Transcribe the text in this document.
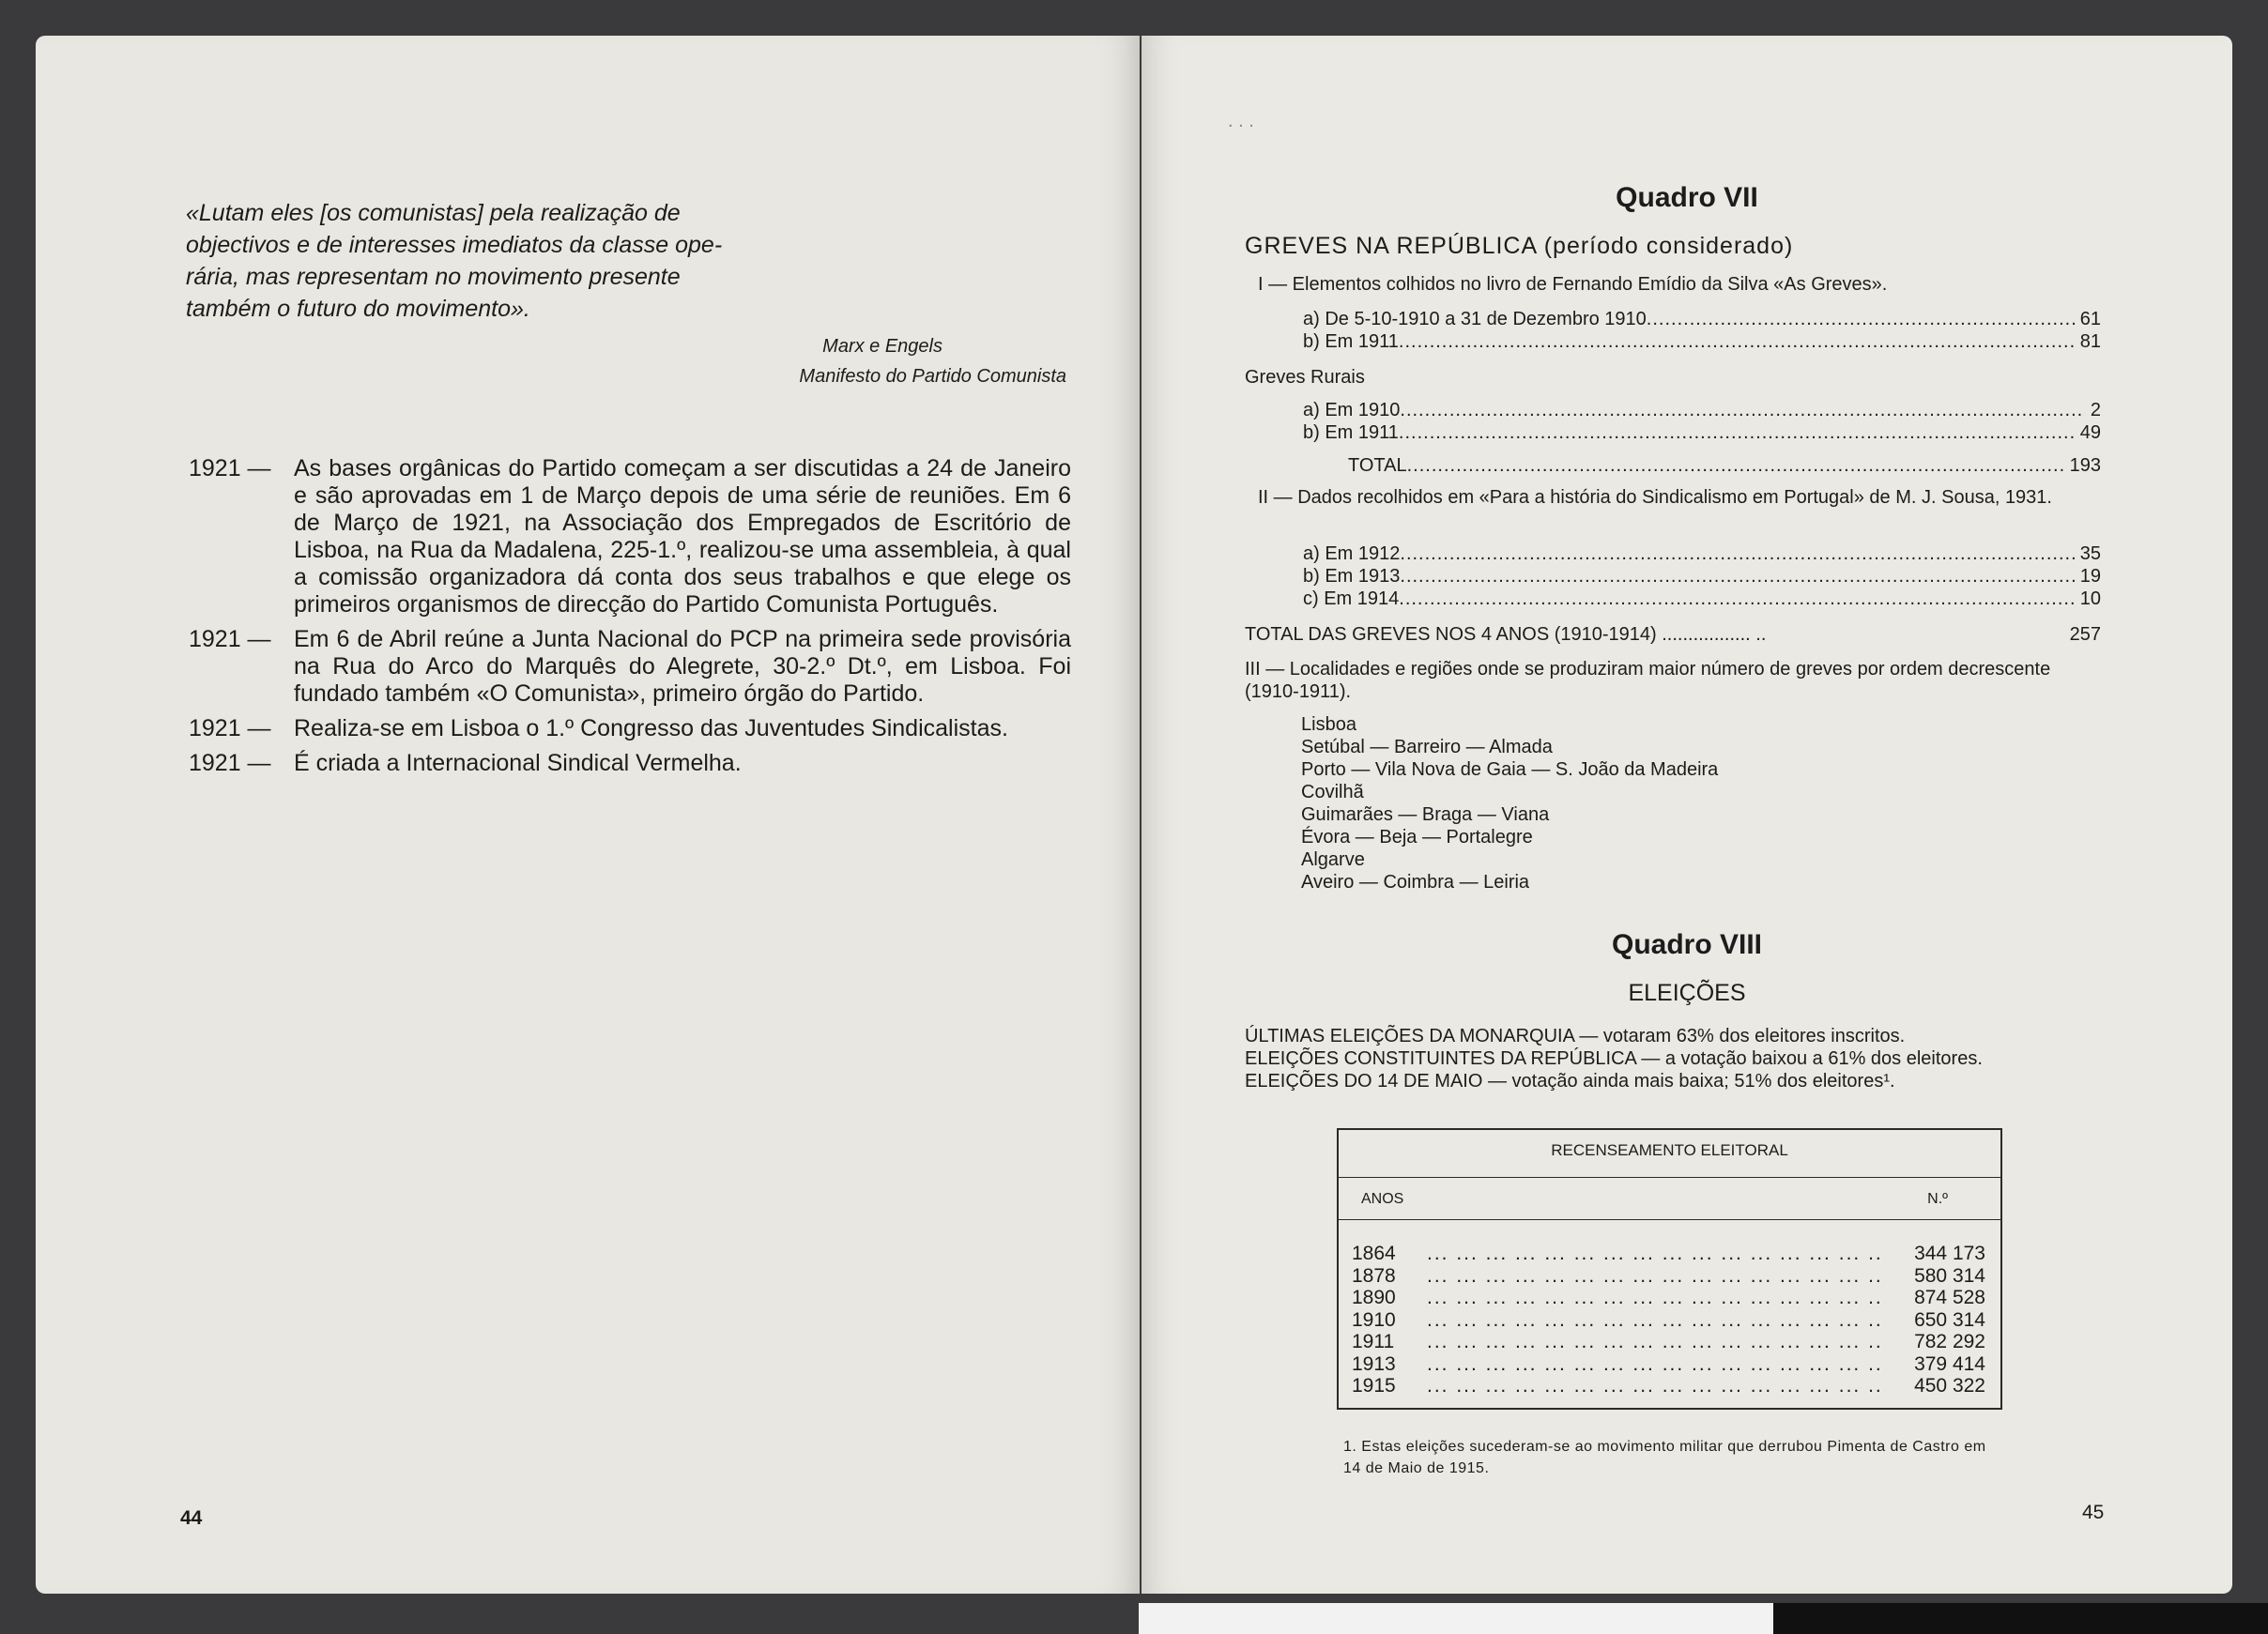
«Lutam eles [os comunistas] pela realização de
objectivos e de interesses imediatos da classe ope-
rária, mas representam no movimento presente
também o futuro do movimento».
Marx e Engels
Manifesto do Partido Comunista
1921 — As bases orgânicas do Partido começam a ser discutidas a 24 de Janeiro e são aprovadas em 1 de Março depois de uma série de reuniões. Em 6 de Março de 1921, na Associação dos Empregados de Escritório de Lisboa, na Rua da Madalena, 225-1.º, realizou-se uma assembleia, à qual a comissão organizadora dá conta dos seus trabalhos e que elege os primeiros organismos de direcção do Partido Comunista Português.
1921 — Em 6 de Abril reúne a Junta Nacional do PCP na primeira sede provisória na Rua do Arco do Marquês do Alegrete, 30-2.º Dt.º, em Lisboa. Foi fundado também «O Comunista», primeiro órgão do Partido.
1921 — Realiza-se em Lisboa o 1.º Congresso das Juventudes Sindicalistas.
1921 — É criada a Internacional Sindical Vermelha.
44
. . .
Quadro VII
GREVES NA REPÚBLICA (período considerado)
I — Elementos colhidos no livro de Fernando Emídio da Silva «As Greves».
a) De 5-10-1910 a 31 de Dezembro 1910 .....	61
b) Em 1911 .....	81
Greves Rurais
a) Em 1910 .....	2
b) Em 1911 .....	49
TOTAL .....	193
II — Dados recolhidos em «Para a história do Sindicalismo em Portugal» de M. J. Sousa, 1931.
a) Em 1912 .....	35
b) Em 1913 .....	19
c) Em 1914 .....	10
TOTAL DAS GREVES NOS 4 ANOS (1910-1914) ................. ..	257
III — Localidades e regiões onde se produziram maior número de greves por ordem decrescente (1910-1911).
Lisboa
Setúbal — Barreiro — Almada
Porto — Vila Nova de Gaia — S. João da Madeira
Covilhã
Guimarães — Braga — Viana
Évora — Beja — Portalegre
Algarve
Aveiro — Coimbra — Leiria
Quadro VIII
ELEIÇÕES
ÚLTIMAS ELEIÇÕES DA MONARQUIA — votaram 63% dos eleitores inscritos.
ELEIÇÕES CONSTITUINTES DA REPÚBLICA — a votação baixou a 61% dos eleitores.
ELEIÇÕES DO 14 DE MAIO — votação ainda mais baixa; 51% dos eleitores¹.
RECENSEAMENTO ELEITORAL
ANOS	N.º
1864 ... .	344 173
1878 ... .	580 314
1890 ... .	874 528
1910 ... .	650 314
1911 ... .	782 292
1913 ... .	379 414
1915 ... .	450 322
1. Estas eleições sucederam-se ao movimento militar que derrubou Pimenta de Castro em 14 de Maio de 1915.
45
